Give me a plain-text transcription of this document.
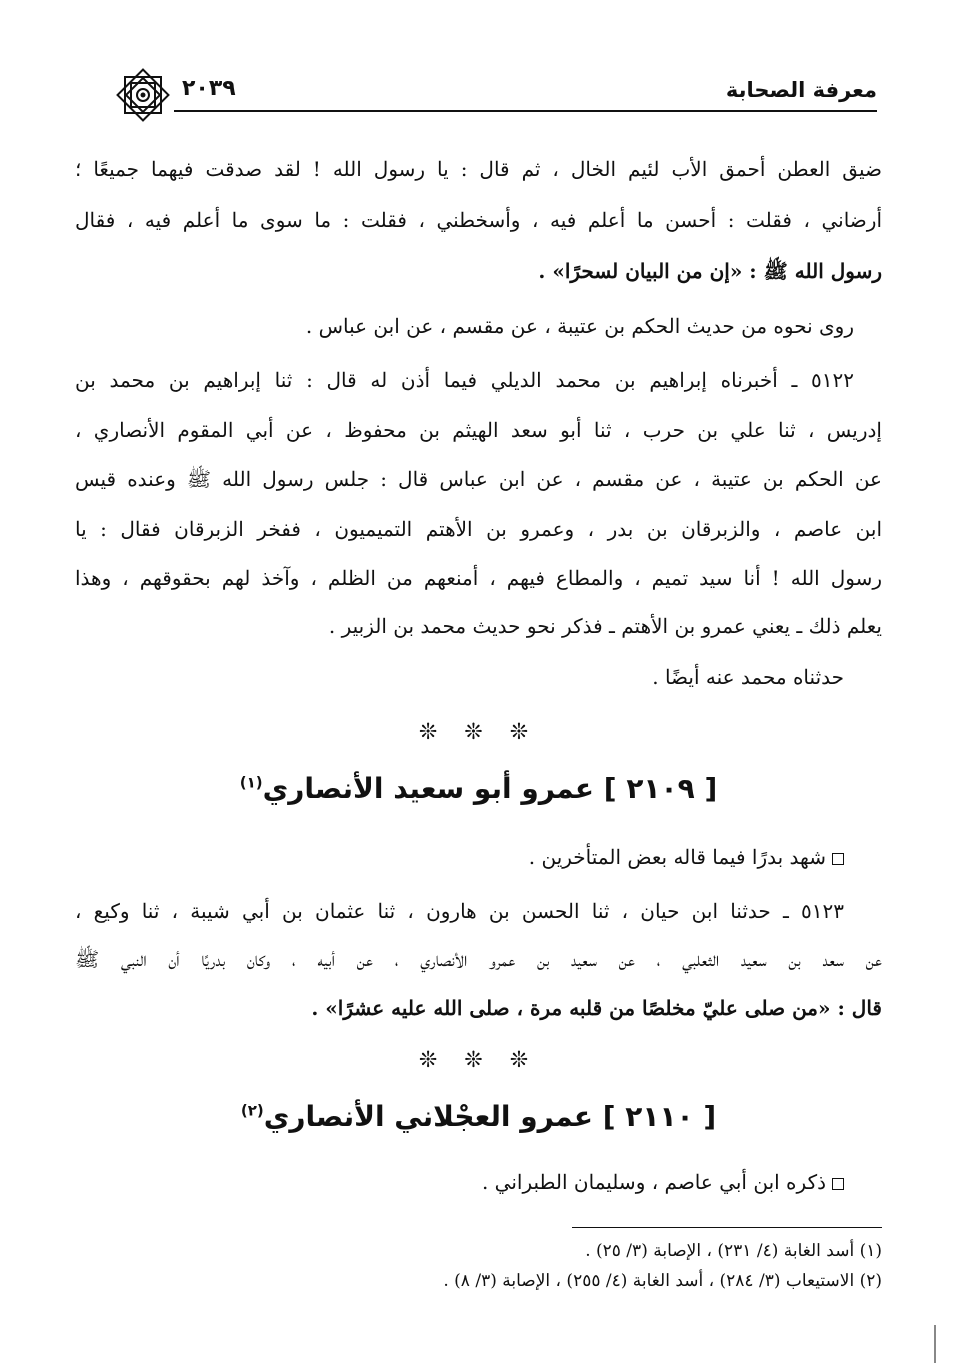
معرفة الصحابة
٢٠٣٩
ضيق العطن أحمق الأب لئيم الخال ، ثم قال : يا رسول الله ! لقد صدقت فيهما جميعًا ؛
أرضاني ، فقلت : أحسن ما أعلم فيه ، وأسخطني ، فقلت : ما سوى ما أعلم فيه ، فقال
رسول الله ﷺ : «إن من البيان لسحرًا» .
روى نحوه من حديث الحكم بن عتيبة ، عن مقسم ، عن ابن عباس .
٥١٢٢ ـ أخبرناه إبراهيم بن محمد الديلي فيما أذن له قال : ثنا إبراهيم بن محمد بن
إدريس ، ثنا علي بن حرب ، ثنا أبو سعد الهيثم بن محفوظ ، عن أبي المقوم الأنصاري ،
عن الحكم بن عتيبة ، عن مقسم ، عن ابن عباس قال : جلس رسول الله ﷺ وعنده قيس
ابن عاصم ، والزبرقان بن بدر ، وعمرو بن الأهتم التميميون ، ففخر الزبرقان فقال : يا
رسول الله ! أنا سيد تميم ، والمطاع فيهم ، أمنعهم من الظلم ، وآخذ لهم بحقوقهم ، وهذا
يعلم ذلك ـ يعني عمرو بن الأهتم ـ فذكر نحو حديث محمد بن الزبير .
حدثناه محمد عنه أيضًا .
❊ ❊ ❊
[ ٢١٠٩ ] عمرو أبو سعيد الأنصاري$^{(١)}$
شهد بدرًا فيما قاله بعض المتأخرين .
٥١٢٣ ـ حدثنا ابن حيان ، ثنا الحسن بن هارون ، ثنا عثمان بن أبي شيبة ، ثنا وكيع ،
عن سعد بن سعيد الثعلبي ، عن سعيد بن عمرو الأنصاري ، عن أبيه ، وكان بدريًا أن النبي ﷺ
قال : «من صلى عليّ مخلصًا من قلبه مرة ، صلى الله عليه عشرًا» .
❊ ❊ ❊
[ ٢١١٠ ] عمرو العجْلاني الأنصاري$^{(٢)}$
ذكره ابن أبي عاصم ، وسليمان الطبراني .
(١) أسد الغابة (٤/ ٢٣١) ، الإصابة (٣/ ٢٥) .
(٢) الاستيعاب (٣/ ٢٨٤) ، أسد الغابة (٤/ ٢٥٥) ، الإصابة (٣/ ٨) .
